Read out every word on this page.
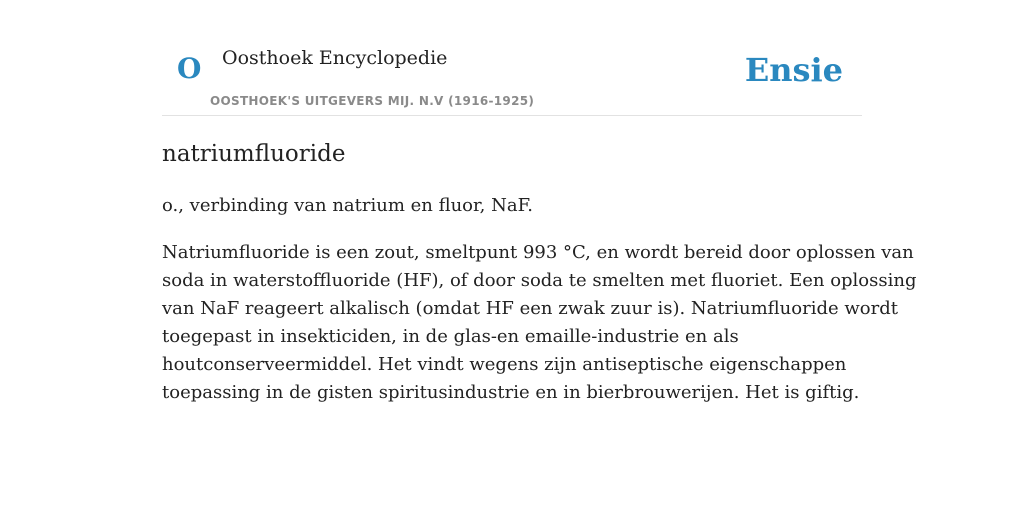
O Oosthoek Encyclopedie
OOSTHOEK'S UITGEVERS MIJ. N.V (1916-1925)
Ensie
natriumfluoride

o., verbinding van natrium en fluor, NaF.

Natriumfluoride is een zout, smeltpunt 993 °C, en wordt bereid door oplossen van
soda in waterstoffluoride (HF), of door soda te smelten met fluoriet. Een oplossing
van NaF reageert alkalisch (omdat HF een zwak zuur is). Natriumfluoride wordt
toegepast in insekticiden, in de glas-en emaille-industrie en als
houtconserveermiddel. Het vindt wegens zijn antiseptische eigenschappen
toepassing in de gisten spiritusindustrie en in bierbrouwerijen. Het is giftig.
